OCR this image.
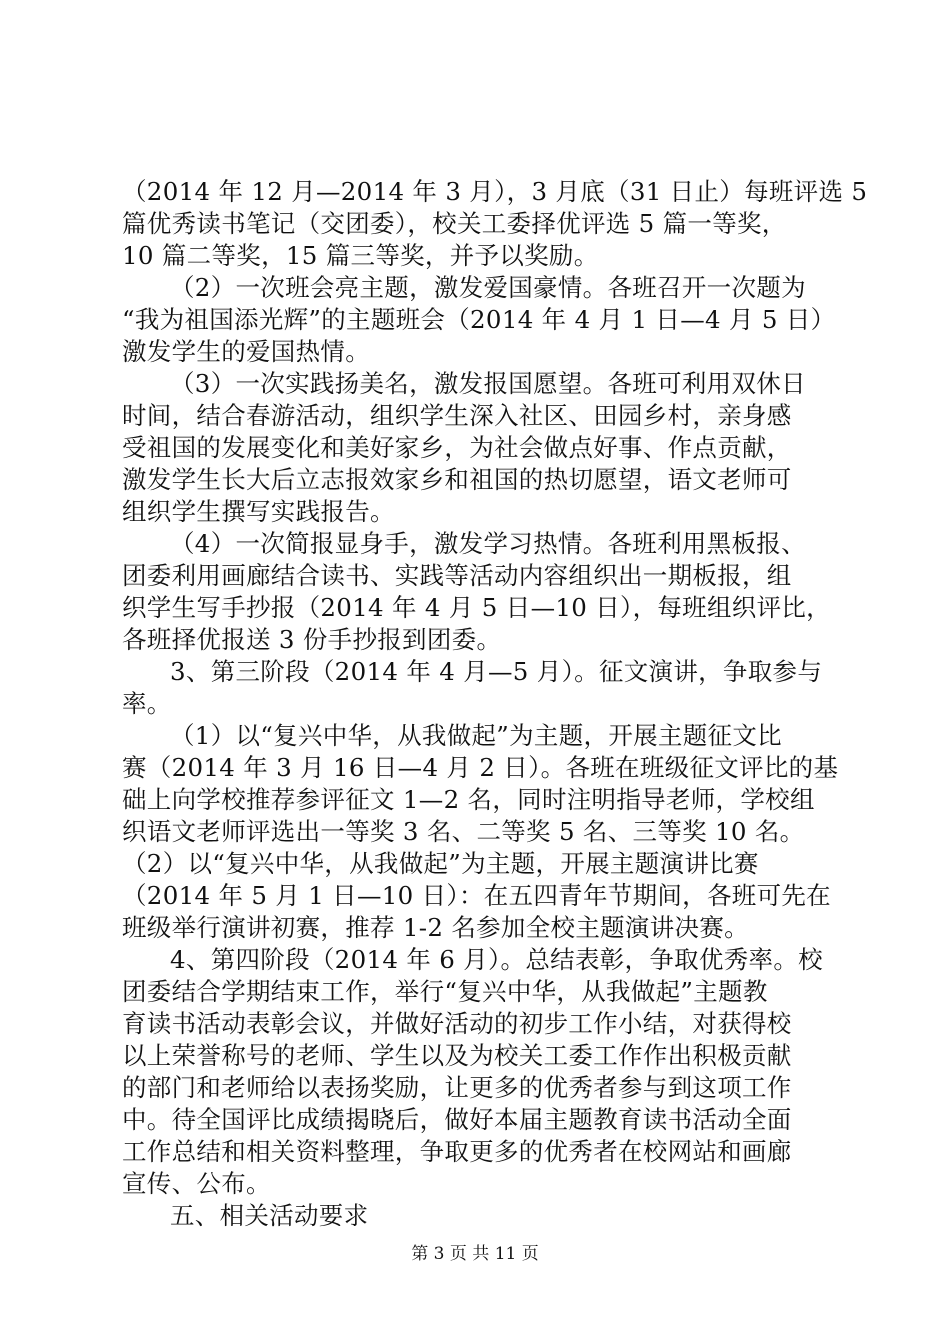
（2014 年 12 月—2014 年 3 月），3 月底（31 日止）每班评选 5
篇优秀读书笔记（交团委），校关工委择优评选 5 篇一等奖，
10 篇二等奖，15 篇三等奖，并予以奖励。
（2）一次班会亮主题，激发爱国豪情。各班召开一次题为
“我为祖国添光辉”的主题班会（2014 年 4 月 1 日—4 月 5 日）
激发学生的爱国热情。
（3）一次实践扬美名，激发报国愿望。各班可利用双休日
时间，结合春游活动，组织学生深入社区、田园乡村，亲身感
受祖国的发展变化和美好家乡，为社会做点好事、作点贡献，
激发学生长大后立志报效家乡和祖国的热切愿望，语文老师可
组织学生撰写实践报告。
（4）一次简报显身手，激发学习热情。各班利用黑板报、
团委利用画廊结合读书、实践等活动内容组织出一期板报，组
织学生写手抄报（2014 年 4 月 5 日—10 日），每班组织评比，
各班择优报送 3 份手抄报到团委。
3、第三阶段（2014 年 4 月—5 月）。征文演讲，争取参与
率。
（1）以“复兴中华，从我做起”为主题，开展主题征文比
赛（2014 年 3 月 16 日—4 月 2 日）。各班在班级征文评比的基
础上向学校推荐参评征文 1—2 名，同时注明指导老师，学校组
织语文老师评选出一等奖 3 名、二等奖 5 名、三等奖 10 名。
（2）以“复兴中华，从我做起”为主题，开展主题演讲比赛
（2014 年 5 月 1 日—10 日）：在五四青年节期间，各班可先在
班级举行演讲初赛，推荐 1-2 名参加全校主题演讲决赛。
4、第四阶段（2014 年 6 月）。总结表彰，争取优秀率。校
团委结合学期结束工作，举行“复兴中华，从我做起”主题教
育读书活动表彰会议，并做好活动的初步工作小结，对获得校
以上荣誉称号的老师、学生以及为校关工委工作作出积极贡献
的部门和老师给以表扬奖励，让更多的优秀者参与到这项工作
中。待全国评比成绩揭晓后，做好本届主题教育读书活动全面
工作总结和相关资料整理，争取更多的优秀者在校网站和画廊
宣传、公布。
五、相关活动要求
第 3 页 共 11 页
